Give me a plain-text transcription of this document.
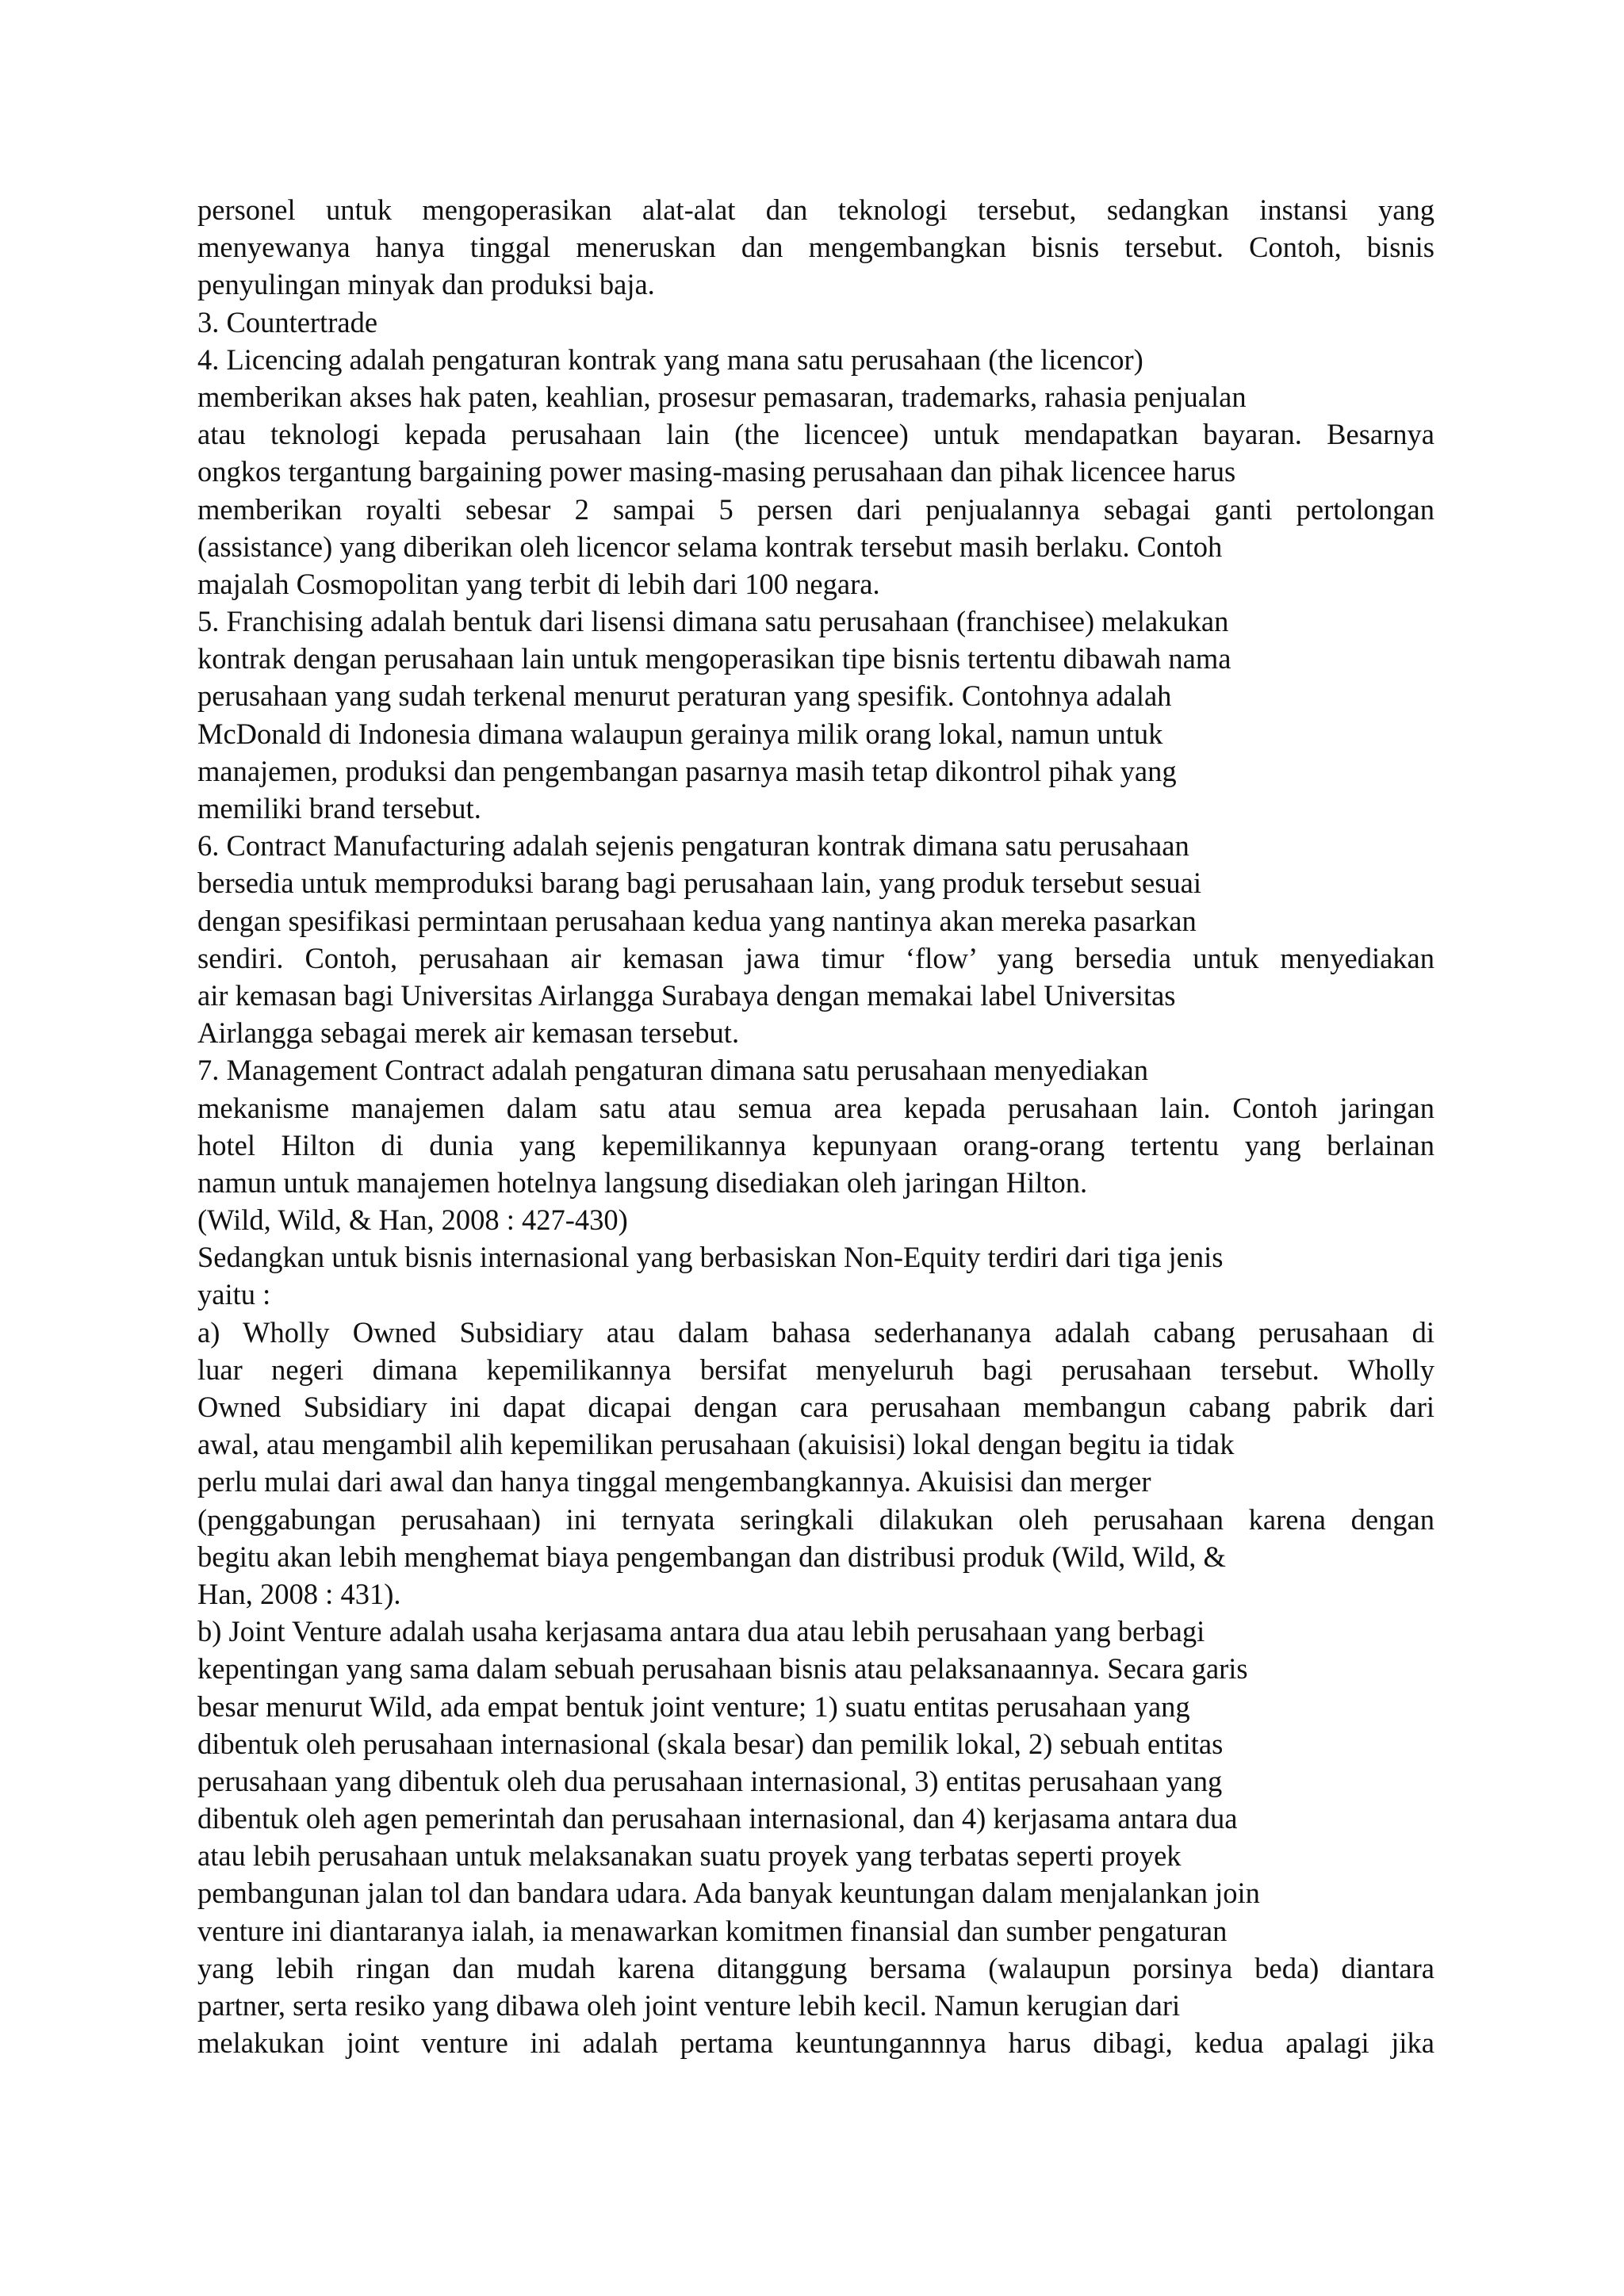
personel untuk mengoperasikan alat-alat dan teknologi tersebut, sedangkan instansi yang
menyewanya hanya tinggal meneruskan dan mengembangkan bisnis tersebut. Contoh, bisnis
penyulingan minyak dan produksi baja.
3. Countertrade
4. Licencing adalah pengaturan kontrak yang mana satu perusahaan (the licencor)
memberikan akses hak paten, keahlian, prosesur pemasaran, trademarks, rahasia penjualan
atau teknologi kepada perusahaan lain (the licencee) untuk mendapatkan bayaran. Besarnya
ongkos tergantung bargaining power masing-masing perusahaan dan pihak licencee harus
memberikan royalti sebesar 2 sampai 5 persen dari penjualannya sebagai ganti pertolongan
(assistance) yang diberikan oleh licencor selama kontrak tersebut masih berlaku. Contoh
majalah Cosmopolitan yang terbit di lebih dari 100 negara.
5. Franchising adalah bentuk dari lisensi dimana satu perusahaan (franchisee) melakukan
kontrak dengan perusahaan lain untuk mengoperasikan tipe bisnis tertentu dibawah nama
perusahaan yang sudah terkenal menurut peraturan yang spesifik. Contohnya adalah
McDonald di Indonesia dimana walaupun gerainya milik orang lokal, namun untuk
manajemen, produksi dan pengembangan pasarnya masih tetap dikontrol pihak yang
memiliki brand tersebut.
6. Contract Manufacturing adalah sejenis pengaturan kontrak dimana satu perusahaan
bersedia untuk memproduksi barang bagi perusahaan lain, yang produk tersebut sesuai
dengan spesifikasi permintaan perusahaan kedua yang nantinya akan mereka pasarkan
sendiri. Contoh, perusahaan air kemasan jawa timur ‘flow’ yang bersedia untuk menyediakan
air kemasan bagi Universitas Airlangga Surabaya dengan memakai label Universitas
Airlangga sebagai merek air kemasan tersebut.
7. Management Contract adalah pengaturan dimana satu perusahaan menyediakan
mekanisme manajemen dalam satu atau semua area kepada perusahaan lain. Contoh jaringan
hotel Hilton di dunia yang kepemilikannya kepunyaan orang-orang tertentu yang berlainan
namun untuk manajemen hotelnya langsung disediakan oleh jaringan Hilton.
(Wild, Wild, & Han, 2008 : 427-430)
Sedangkan untuk bisnis internasional yang berbasiskan Non-Equity terdiri dari tiga jenis
yaitu :
a) Wholly Owned Subsidiary atau dalam bahasa sederhananya adalah cabang perusahaan di
luar negeri dimana kepemilikannya bersifat menyeluruh bagi perusahaan tersebut. Wholly
Owned Subsidiary ini dapat dicapai dengan cara perusahaan membangun cabang pabrik dari
awal, atau mengambil alih kepemilikan perusahaan (akuisisi) lokal dengan begitu ia tidak
perlu mulai dari awal dan hanya tinggal mengembangkannya. Akuisisi dan merger
(penggabungan perusahaan) ini ternyata seringkali dilakukan oleh perusahaan karena dengan
begitu akan lebih menghemat biaya pengembangan dan distribusi produk (Wild, Wild, &
Han, 2008 : 431).
b) Joint Venture adalah usaha kerjasama antara dua atau lebih perusahaan yang berbagi
kepentingan yang sama dalam sebuah perusahaan bisnis atau pelaksanaannya. Secara garis
besar menurut Wild, ada empat bentuk joint venture; 1) suatu entitas perusahaan yang
dibentuk oleh perusahaan internasional (skala besar) dan pemilik lokal, 2) sebuah entitas
perusahaan yang dibentuk oleh dua perusahaan internasional, 3) entitas perusahaan yang
dibentuk oleh agen pemerintah dan perusahaan internasional, dan 4) kerjasama antara dua
atau lebih perusahaan untuk melaksanakan suatu proyek yang terbatas seperti proyek
pembangunan jalan tol dan bandara udara. Ada banyak keuntungan dalam menjalankan join
venture ini diantaranya ialah, ia menawarkan komitmen finansial dan sumber pengaturan
yang lebih ringan dan mudah karena ditanggung bersama (walaupun porsinya beda) diantara
partner, serta resiko yang dibawa oleh joint venture lebih kecil. Namun kerugian dari
melakukan joint venture ini adalah pertama keuntungannnya harus dibagi, kedua apalagi jika
